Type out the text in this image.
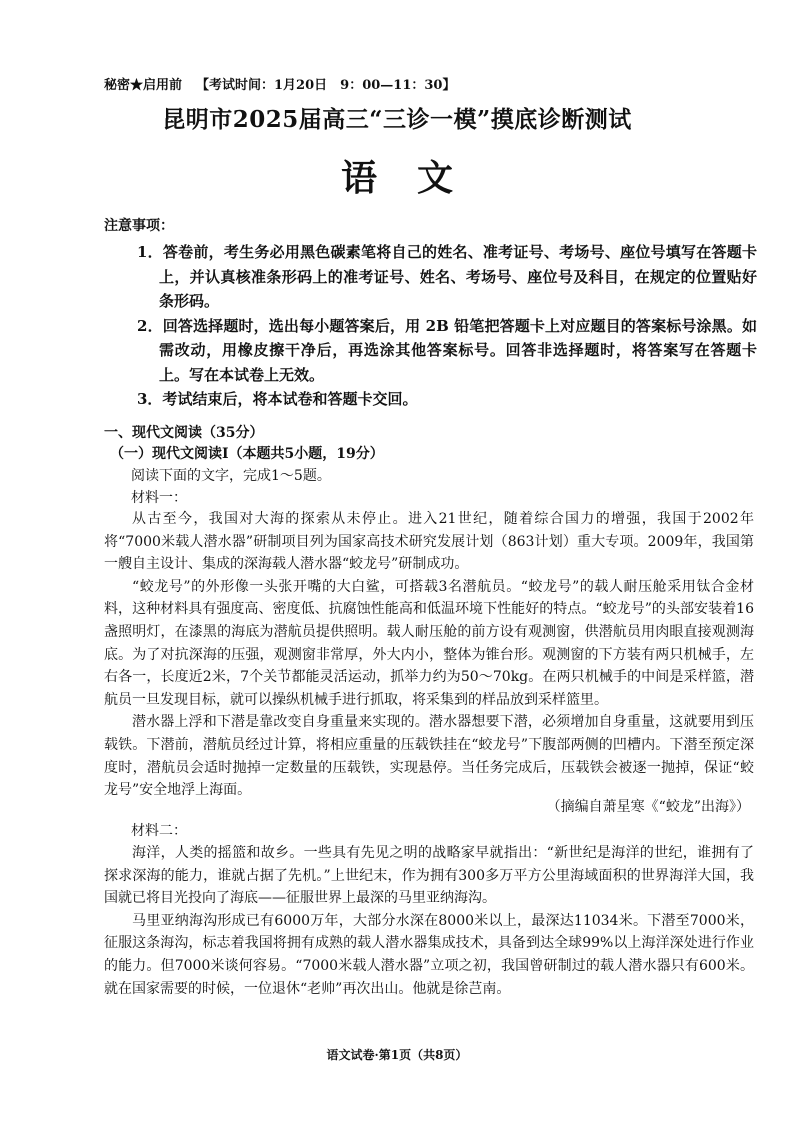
秘密★启用前 【考试时间：1月20日　9：00—11：30】
昆明市2025届高三“三诊一模”摸底诊断测试
语文
注意事项：
1．答卷前，考生务必用黑色碳素笔将自己的姓名、准考证号、考场号、座位号填写在答题卡上，并认真核准条形码上的准考证号、姓名、考场号、座位号及科目，在规定的位置贴好条形码。
2．回答选择题时，选出每小题答案后，用 2B 铅笔把答题卡上对应题目的答案标号涂黑。如需改动，用橡皮擦干净后，再选涂其他答案标号。回答非选择题时，将答案写在答题卡上。写在本试卷上无效。
3．考试结束后，将本试卷和答题卡交回。
一、现代文阅读（35分）
（一）现代文阅读Ⅰ（本题共5小题，19分）
阅读下面的文字，完成1～5题。
材料一：

从古至今，我国对大海的探索从未停止。进入21世纪，随着综合国力的增强，我国于2002年将“7000米载人潜水器”研制项目列为国家高技术研究发展计划（863计划）重大专项。2009年，我国第一艘自主设计、集成的深海载人潜水器“蛟龙号”研制成功。

“蛟龙号”的外形像一头张开嘴的大白鲨，可搭载3名潜航员。“蛟龙号”的载人耐压舱采用钛合金材料，这种材料具有强度高、密度低、抗腐蚀性能高和低温环境下性能好的特点。“蛟龙号”的头部安装着16盏照明灯，在漆黑的海底为潜航员提供照明。载人耐压舱的前方设有观测窗，供潜航员用肉眼直接观测海底。为了对抗深海的压强，观测窗非常厚，外大内小，整体为锥台形。观测窗的下方装有两只机械手，左右各一，长度近2米，7个关节都能灵活运动，抓举力约为50～70kg。在两只机械手的中间是采样篮，潜航员一旦发现目标，就可以操纵机械手进行抓取，将采集到的样品放到采样篮里。

潜水器上浮和下潜是靠改变自身重量来实现的。潜水器想要下潜，必须增加自身重量，这就要用到压载铁。下潜前，潜航员经过计算，将相应重量的压载铁挂在“蛟龙号”下腹部两侧的凹槽内。下潜至预定深度时，潜航员会适时抛掉一定数量的压载铁，实现悬停。当任务完成后，压载铁会被逐一抛掉，保证“蛟龙号”安全地浮上海面。

（摘编自萧星寒《“蛟龙”出海》）
材料二：

海洋，人类的摇篮和故乡。一些具有先见之明的战略家早就指出：“新世纪是海洋的世纪，谁拥有了探求深海的能力，谁就占据了先机。”上世纪末，作为拥有300多万平方公里海域面积的世界海洋大国，我国就已将目光投向了海底——征服世界上最深的马里亚纳海沟。

马里亚纳海沟形成已有6000万年，大部分水深在8000米以上，最深达11034米。下潜至7000米，征服这条海沟，标志着我国将拥有成熟的载人潜水器集成技术，具备到达全球99%以上海洋深处进行作业的能力。但7000米谈何容易。“7000米载人潜水器”立项之初，我国曾研制过的载人潜水器只有600米。就在国家需要的时候，一位退休“老帅”再次出山。他就是徐芑南。

语文试卷·第1页（共8页）
